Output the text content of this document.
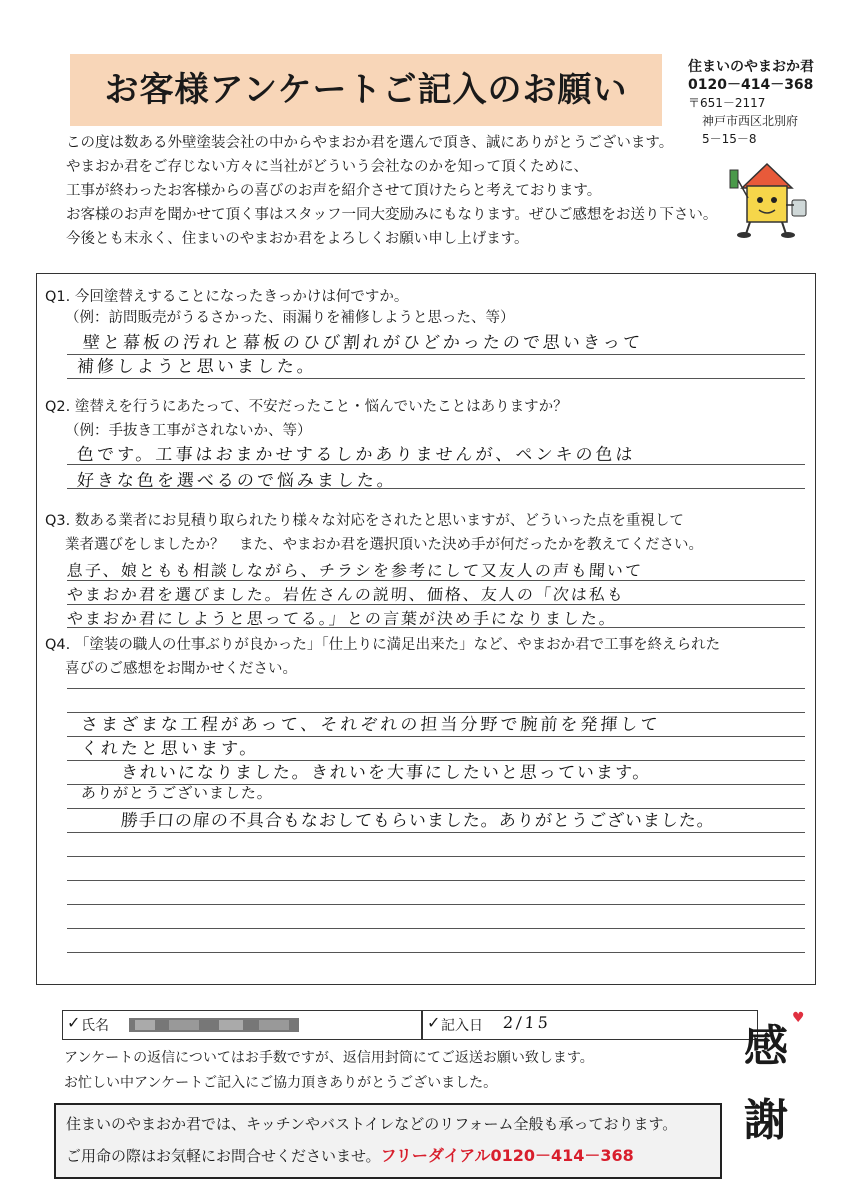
お客様アンケートご記入のお願い
住まいのやまおか君
0120－414－368
〒651－2117
神戸市西区北別府
5－15－8
この度は数ある外壁塗装会社の中からやまおか君を選んで頂き、誠にありがとうございます。
やまおか君をご存じない方々に当社がどういう会社なのかを知って頂くために、
工事が終わったお客様からの喜びのお声を紹介させて頂けたらと考えております。
お客様のお声を聞かせて頂く事はスタッフ一同大変励みにもなります。ぜひご感想をお送り下さい。
今後とも末永く、住まいのやまおか君をよろしくお願い申し上げます。
Q1. 今回塗替えすることになったきっかけは何ですか。
（例：訪問販売がうるさかった、雨漏りを補修しようと思った、等）
壁と幕板の汚れと幕板のひび割れがひどかったので思いきって
補修しようと思いました。
Q2. 塗替えを行うにあたって、不安だったこと・悩んでいたことはありますか？
（例：手抜き工事がされないか、等）
色です。工事はおまかせするしかありませんが、ペンキの色は
好きな色を選べるので悩みました。
Q3. 数ある業者にお見積り取られたり様々な対応をされたと思いますが、どういった点を重視して
業者選びをしましたか？　また、やまおか君を選択頂いた決め手が何だったかを教えてください。
息子、娘ともも相談しながら、チラシを参考にして又友人の声も聞いて
やまおか君を選びました。岩佐さんの説明、価格、友人の「次は私も
やまおか君にしようと思ってる。」との言葉が決め手になりました。
Q4. 「塗装の職人の仕事ぶりが良かった」「仕上りに満足出来た」など、やまおか君で工事を終えられた
喜びのご感想をお聞かせください。
さまざまな工程があって、それぞれの担当分野で腕前を発揮して
くれたと思います。
きれいになりました。きれいを大事にしたいと思っています。
ありがとうございました。
勝手口の扉の不具合もなおしてもらいました。ありがとうございました。
✓ 氏名	✓ 記入日 2/15
アンケートの返信についてはお手数ですが、返信用封筒にてご返送お願い致します。
お忙しい中アンケートご記入にご協力頂きありがとうございました。
感
♥
謝
住まいのやまおか君では、キッチンやバストイレなどのリフォーム全般も承っております。
ご用命の際はお気軽にお問合せくださいませ。フリーダイアル0120－414－368
